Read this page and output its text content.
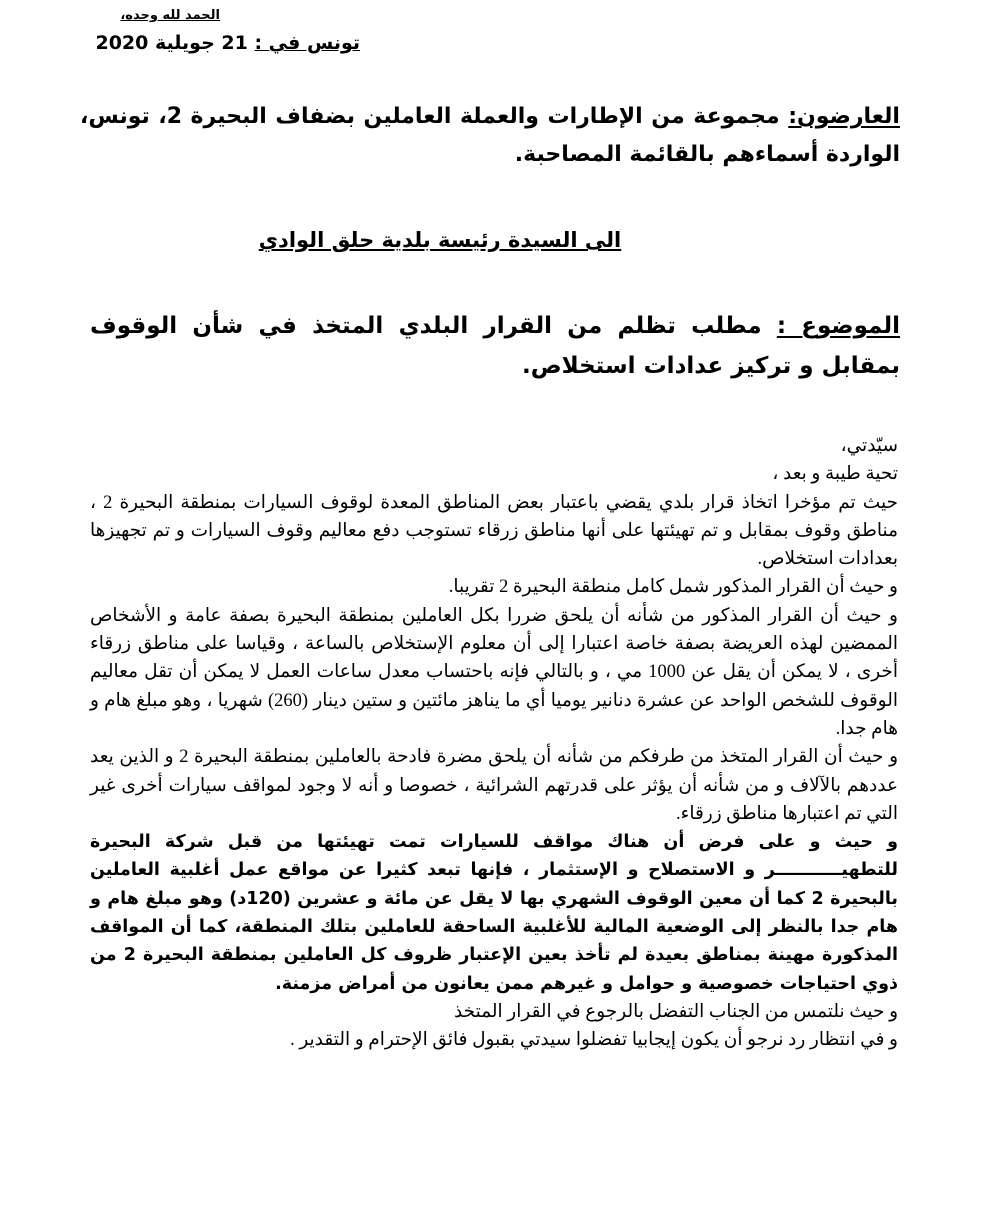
الحمد لله وحده،
تونس في : 21 جويلية 2020
العارضون: مجموعة من الإطارات والعملة العاملين بضفاف البحيرة 2، تونس، الواردة أسماءهم بالقائمة المصاحبة.
الى السيدة رئيسة بلدية حلق الوادي
الموضوع : مطلب تظلم من القرار البلدي المتخذ في شأن الوقوف بمقابل و تركيز عدادات استخلاص.

سيّدتي،

تحية طيبة و بعد ،

حيث تم مؤخرا اتخاذ قرار بلدي يقضي باعتبار بعض المناطق المعدة لوقوف السيارات بمنطقة البحيرة 2 ، مناطق وقوف بمقابل و تم تهيئتها على أنها مناطق زرقاء تستوجب دفع معاليم وقوف السيارات و تم تجهيزها بعدادات استخلاص.

و حيث أن القرار المذكور شمل كامل منطقة البحيرة 2 تقريبا.

و حيث أن القرار المذكور من شأنه أن يلحق ضررا بكل العاملين بمنطقة البحيرة بصفة عامة و الأشخاص الممضين لهذه العريضة بصفة خاصة اعتبارا إلى أن معلوم الإستخلاص بالساعة ، وقياسا على مناطق زرقاء أخرى ، لا يمكن أن يقل عن 1000 مي ، و بالتالي فإنه باحتساب معدل ساعات العمل لا يمكن أن تقل معاليم الوقوف للشخص الواحد عن عشرة دنانير يوميا أي ما يناهز مائتين و ستين دينار (260) شهريا ، وهو مبلغ هام و هام جدا.

و حيث أن القرار المتخذ من طرفكم من شأنه أن يلحق مضرة فادحة بالعاملين بمنطقة البحيرة 2 و الذين يعد عددهم بالآلاف و من شأنه أن يؤثر على قدرتهم الشرائية ، خصوصا و أنه لا وجود لمواقف سيارات أخرى غير التي تم اعتبارها مناطق زرقاء.

و حيث و على فرض أن هناك مواقف للسيارات تمت تهيئتها من قبل شركة البحيرة للتطهيـــــــــــر و الاستصلاح و الإستثمار ، فإنها تبعد كثيرا عن مواقع عمل أغلبية العاملين بالبحيرة 2 كما أن معين الوقوف الشهري بها لا يقل عن مائة و عشرين (120د) وهو مبلغ هام و هام جدا بالنظر إلى الوضعية المالية للأغلبية الساحقة للعاملين بتلك المنطقة، كما أن المواقف المذكورة مهينة بمناطق بعيدة لم تأخذ بعين الإعتبار ظروف كل العاملين بمنطقة البحيرة 2 من ذوي احتياجات خصوصية و حوامل و غيرهم ممن يعانون من أمراض مزمنة.

و حيث نلتمس من الجناب التفضل بالرجوع في القرار المتخذ

و في انتظار رد نرجو أن يكون إيجابيا تفضلوا سيدتي بقبول فائق الإحترام و التقدير .
